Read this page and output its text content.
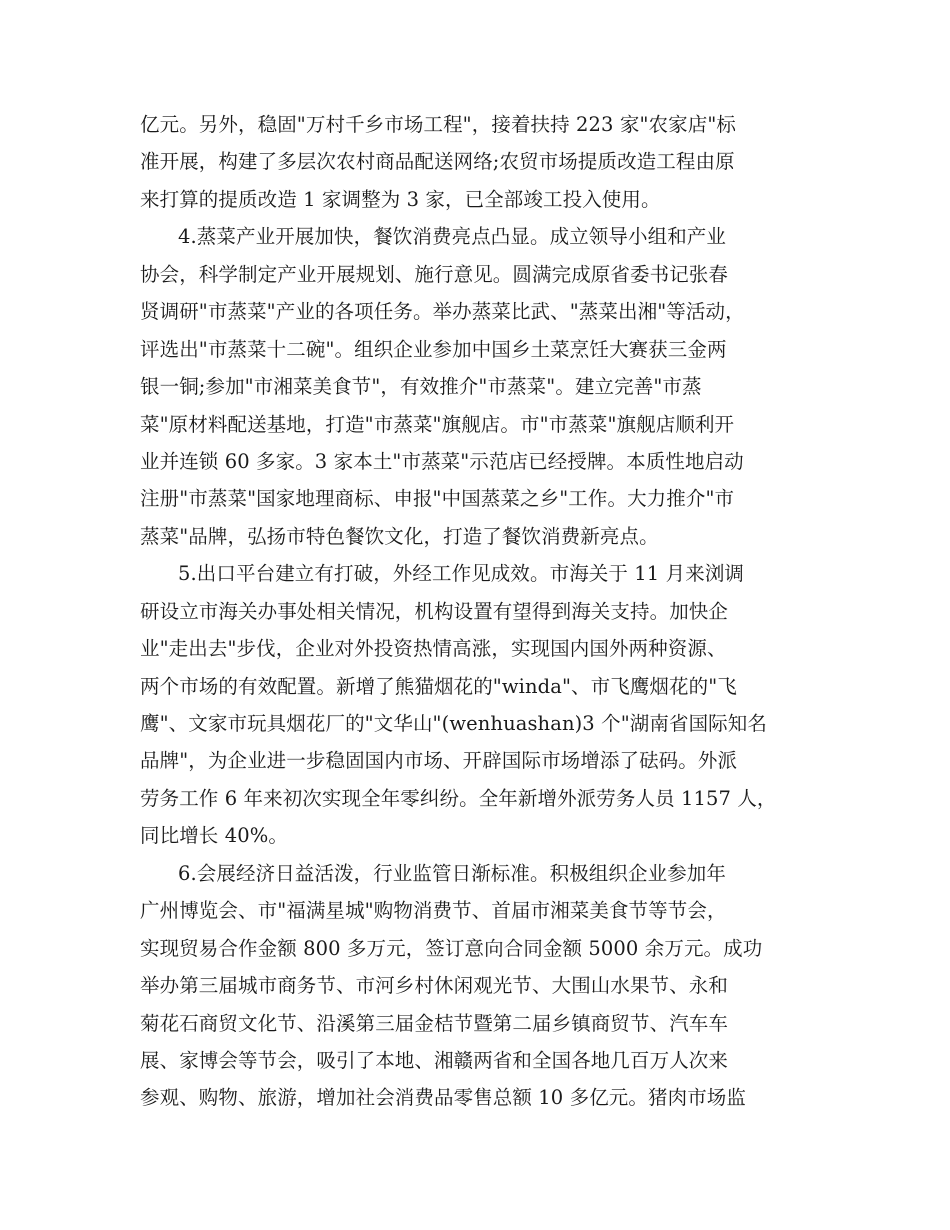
亿元。另外，稳固"万村千乡市场工程"，接着扶持 223 家"农家店"标
准开展，构建了多层次农村商品配送网络;农贸市场提质改造工程由原
来打算的提质改造 1 家调整为 3 家，已全部竣工投入使用。
4.蒸菜产业开展加快，餐饮消费亮点凸显。成立领导小组和产业
协会，科学制定产业开展规划、施行意见。圆满完成原省委书记张春
贤调研"市蒸菜"产业的各项任务。举办蒸菜比武、"蒸菜出湘"等活动，
评选出"市蒸菜十二碗"。组织企业参加中国乡土菜烹饪大赛获三金两
银一铜;参加"市湘菜美食节"，有效推介"市蒸菜"。建立完善"市蒸
菜"原材料配送基地，打造"市蒸菜"旗舰店。市"市蒸菜"旗舰店顺利开
业并连锁 60 多家。3 家本土"市蒸菜"示范店已经授牌。本质性地启动
注册"市蒸菜"国家地理商标、申报"中国蒸菜之乡"工作。大力推介"市
蒸菜"品牌，弘扬市特色餐饮文化，打造了餐饮消费新亮点。
5.出口平台建立有打破，外经工作见成效。市海关于 11 月来浏调
研设立市海关办事处相关情况，机构设置有望得到海关支持。加快企
业"走出去"步伐，企业对外投资热情高涨，实现国内国外两种资源、
两个市场的有效配置。新增了熊猫烟花的"winda"、市飞鹰烟花的"飞
鹰"、文家市玩具烟花厂的"文华山"(wenhuashan)3 个"湖南省国际知名
品牌"，为企业进一步稳固国内市场、开辟国际市场增添了砝码。外派
劳务工作 6 年来初次实现全年零纠纷。全年新增外派劳务人员 1157 人，
同比增长 40%。
6.会展经济日益活泼，行业监管日渐标准。积极组织企业参加年
广州博览会、市"福满星城"购物消费节、首届市湘菜美食节等节会，
实现贸易合作金额 800 多万元，签订意向合同金额 5000 余万元。成功
举办第三届城市商务节、市河乡村休闲观光节、大围山水果节、永和
菊花石商贸文化节、沿溪第三届金桔节暨第二届乡镇商贸节、汽车车
展、家博会等节会，吸引了本地、湘赣两省和全国各地几百万人次来
参观、购物、旅游，增加社会消费品零售总额 10 多亿元。猪肉市场监
